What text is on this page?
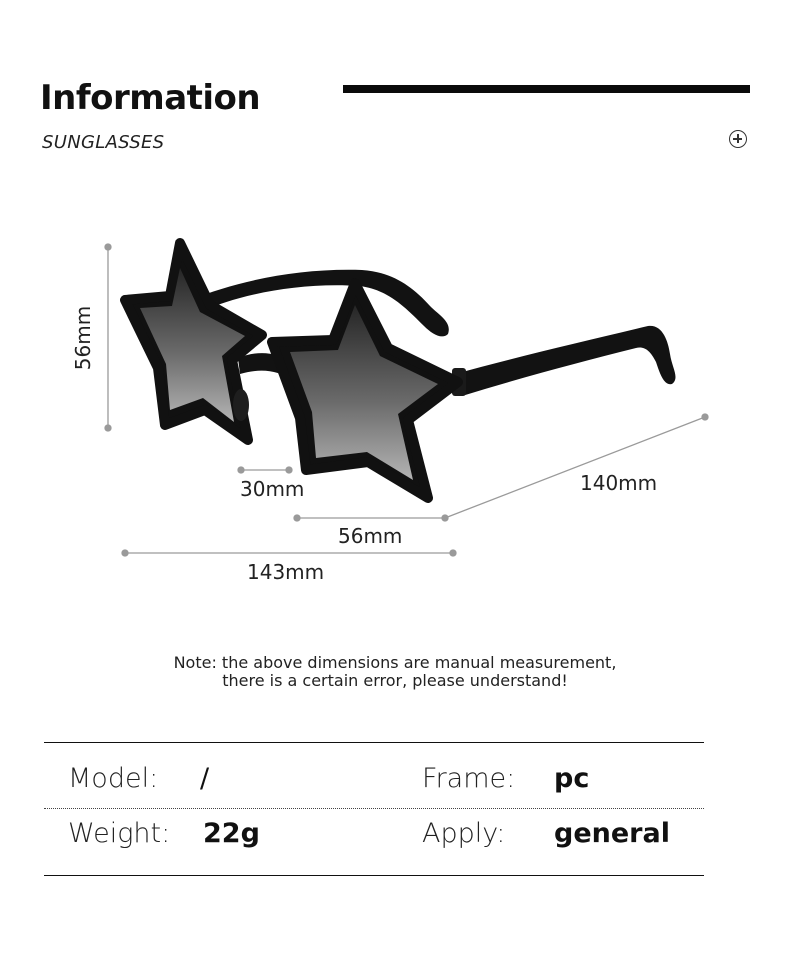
Information
SUNGLASSES
56mm
30mm	140mm
56mm
143mm
Note: the above dimensions are manual measurement,
there is a certain error, please understand!
Model: /	Frame: pc
Weight: 22g	Apply: general
